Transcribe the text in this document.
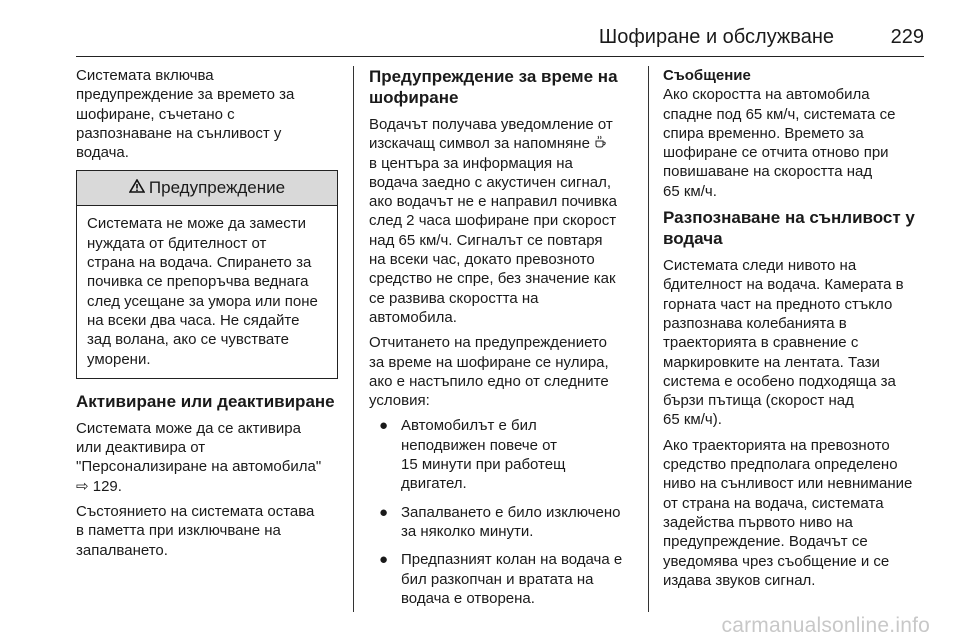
Шофиране и обслужване	229

Системата включва
предупреждение за времето за
шофиране, съчетано с
разпознаване на сънливост у
водача.

Предупреждение
Системата не може да замести
нуждата от бдителност от
страна на водача. Спирането за
почивка се препоръчва веднага
след усещане за умора или поне
на всеки два часа. Не сядайте
зад волана, ако се чувствате
уморени.
Активиране или деактивиране

Системата може да се активира
или деактивира от
"Персонализиране на автомобила"
⇨ 129.

Състоянието на системата остава
в паметта при изключване на
запалването.

Предупреждение за време на
шофиране

Водачът получава уведомление от
изскачащ символ за напомняне
в центъра за информация на
водача заедно с акустичен сигнал,
ако водачът не е направил почивка
след 2 часа шофиране при скорост
над 65 км/ч. Сигналът се повтаря
на всеки час, докато превозното
средство не спре, без значение как
се развива скоростта на
автомобила.

Отчитането на предупреждението
за време на шофиране се нулира,
ако е настъпило едно от следните
условия:

● Автомобилът е бил
неподвижен повече от
15 минути при работещ
двигател.
● Запалването е било изключено
за няколко минути.
● Предпазният колан на водача е
бил разкопчан и вратата на
водача е отворена.

Съобщение
Ако скоростта на автомобила
спадне под 65 км/ч, системата се
спира временно. Времето за
шофиране се отчита отново при
повишаване на скоростта над
65 км/ч.

Разпознаване на сънливост у
водача

Системата следи нивото на
бдителност на водача. Камерата в
горната част на предното стъкло
разпознава колебанията в
траекторията в сравнение с
маркировките на лентата. Тази
система е особено подходяща за
бързи пътища (скорост над
65 км/ч).

Ако траекторията на превозното
средство предполага определено
ниво на сънливост или невнимание
от страна на водача, системата
задейства първото ниво на
предупреждение. Водачът се
уведомява чрез съобщение и се
издава звуков сигнал.

carmanualsonline.info
